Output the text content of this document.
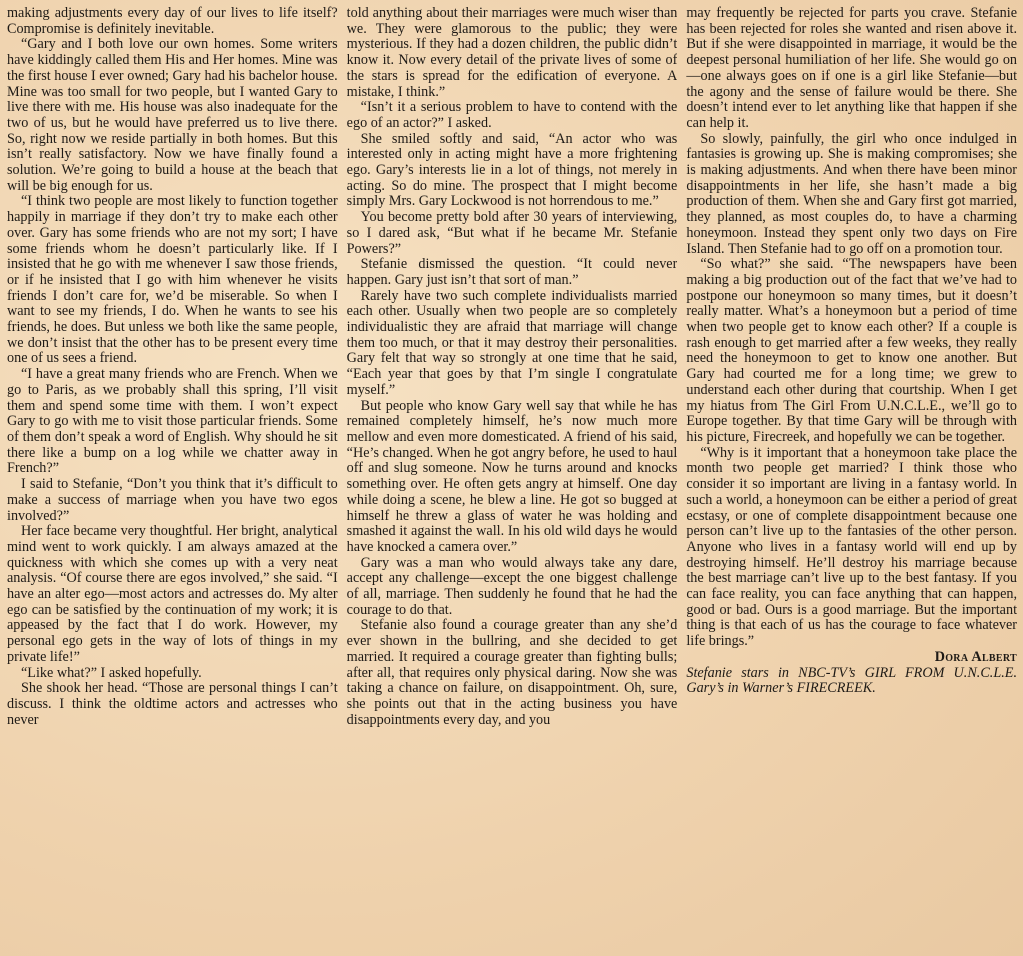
making adjustments every day of our lives to life itself? Compromise is definitely inevitable.

“Gary and I both love our own homes. Some writers have kiddingly called them His and Her homes. Mine was the first house I ever owned; Gary had his bachelor house. Mine was too small for two people, but I wanted Gary to live there with me. His house was also inadequate for the two of us, but he would have preferred us to live there. So, right now we reside partially in both homes. But this isn’t really satisfactory. Now we have finally found a solution. We’re going to build a house at the beach that will be big enough for us.

“I think two people are most likely to function together happily in marriage if they don’t try to make each other over. Gary has some friends who are not my sort; I have some friends whom he doesn’t particularly like. If I insisted that he go with me whenever I saw those friends, or if he insisted that I go with him whenever he visits friends I don’t care for, we’d be miserable. So when I want to see my friends, I do. When he wants to see his friends, he does. But unless we both like the same people, we don’t insist that the other has to be present every time one of us sees a friend.

“I have a great many friends who are French. When we go to Paris, as we probably shall this spring, I’ll visit them and spend some time with them. I won’t expect Gary to go with me to visit those particular friends. Some of them don’t speak a word of English. Why should he sit there like a bump on a log while we chatter away in French?”

I said to Stefanie, “Don’t you think that it’s difficult to make a success of marriage when you have two egos involved?”

Her face became very thoughtful. Her bright, analytical mind went to work quickly. I am always amazed at the quickness with which she comes up with a very neat analysis. “Of course there are egos involved,” she said. “I have an alter ego—most actors and actresses do. My alter ego can be satisfied by the continuation of my work; it is appeased by the fact that I do work. However, my personal ego gets in the way of lots of things in my private life!”

“Like what?” I asked hopefully.

She shook her head. “Those are personal things I can’t discuss. I think the oldtime actors and actresses who never

told anything about their marriages were much wiser than we. They were glamorous to the public; they were mysterious. If they had a dozen children, the public didn’t know it. Now every detail of the private lives of some of the stars is spread for the edification of everyone. A mistake, I think.”

“Isn’t it a serious problem to have to contend with the ego of an actor?” I asked.

She smiled softly and said, “An actor who was interested only in acting might have a more frightening ego. Gary’s interests lie in a lot of things, not merely in acting. So do mine. The prospect that I might become simply Mrs. Gary Lockwood is not horrendous to me.”

You become pretty bold after 30 years of interviewing, so I dared ask, “But what if he became Mr. Stefanie Powers?”

Stefanie dismissed the question. “It could never happen. Gary just isn’t that sort of man.”

Rarely have two such complete individualists married each other. Usually when two people are so completely individualistic they are afraid that marriage will change them too much, or that it may destroy their personalities. Gary felt that way so strongly at one time that he said, “Each year that goes by that I’m single I congratulate myself.”

But people who know Gary well say that while he has remained completely himself, he’s now much more mellow and even more domesticated. A friend of his said, “He’s changed. When he got angry before, he used to haul off and slug someone. Now he turns around and knocks something over. He often gets angry at himself. One day while doing a scene, he blew a line. He got so bugged at himself he threw a glass of water he was holding and smashed it against the wall. In his old wild days he would have knocked a camera over.”

Gary was a man who would always take any dare, accept any challenge—except the one biggest challenge of all, marriage. Then suddenly he found that he had the courage to do that.

Stefanie also found a courage greater than any she’d ever shown in the bullring, and she decided to get married. It required a courage greater than fighting bulls; after all, that requires only physical daring. Now she was taking a chance on failure, on disappointment. Oh, sure, she points out that in the acting business you have disappointments every day, and you

may frequently be rejected for parts you crave. Stefanie has been rejected for roles she wanted and risen above it. But if she were disappointed in marriage, it would be the deepest personal humiliation of her life. She would go on—one always goes on if one is a girl like Stefanie—but the agony and the sense of failure would be there. She doesn’t intend ever to let anything like that happen if she can help it.

So slowly, painfully, the girl who once indulged in fantasies is growing up. She is making compromises; she is making adjustments. And when there have been minor disappointments in her life, she hasn’t made a big production of them. When she and Gary first got married, they planned, as most couples do, to have a charming honeymoon. Instead they spent only two days on Fire Island. Then Stefanie had to go off on a promotion tour.

“So what?” she said. “The newspapers have been making a big production out of the fact that we’ve had to postpone our honeymoon so many times, but it doesn’t really matter. What’s a honeymoon but a period of time when two people get to know each other? If a couple is rash enough to get married after a few weeks, they really need the honeymoon to get to know one another. But Gary had courted me for a long time; we grew to understand each other during that courtship. When I get my hiatus from The Girl From U.N.C.L.E., we’ll go to Europe together. By that time Gary will be through with his picture, Firecreek, and hopefully we can be together.

“Why is it important that a honeymoon take place the month two people get married? I think those who consider it so important are living in a fantasy world. In such a world, a honeymoon can be either a period of great ecstasy, or one of complete disappointment because one person can’t live up to the fantasies of the other person. Anyone who lives in a fantasy world will end up by destroying himself. He’ll destroy his marriage because the best marriage can’t live up to the best fantasy. If you can face reality, you can face anything that can happen, good or bad. Ours is a good marriage. But the important thing is that each of us has the courage to face whatever life brings.”

Dora Albert

Stefanie stars in NBC-TV’s GIRL FROM U.N.C.L.E. Gary’s in Warner’s FIRECREEK.
